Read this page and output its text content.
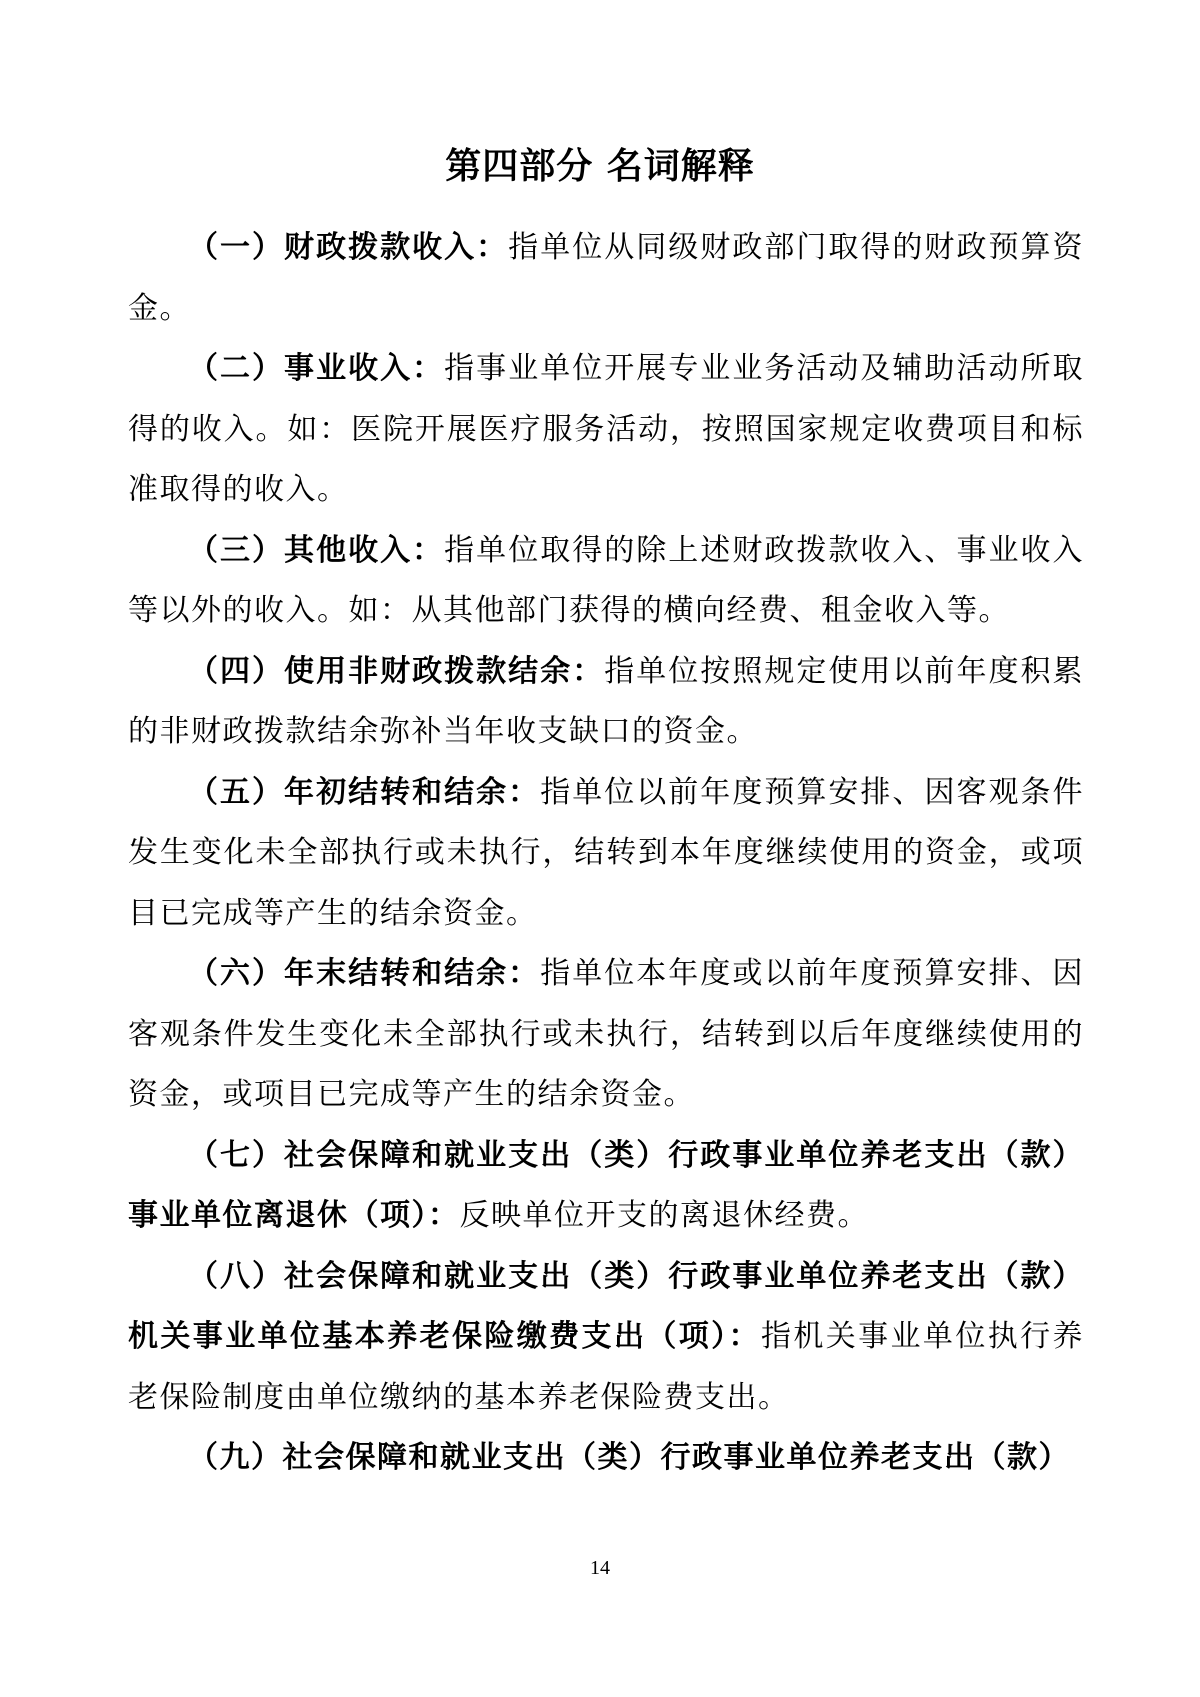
第四部分 名词解释

（一）财政拨款收入：指单位从同级财政部门取得的财政预算资金。

（二）事业收入：指事业单位开展专业业务活动及辅助活动所取得的收入。如：医院开展医疗服务活动，按照国家规定收费项目和标准取得的收入。

（三）其他收入：指单位取得的除上述财政拨款收入、事业收入等以外的收入。如：从其他部门获得的横向经费、租金收入等。

（四）使用非财政拨款结余：指单位按照规定使用以前年度积累的非财政拨款结余弥补当年收支缺口的资金。

（五）年初结转和结余：指单位以前年度预算安排、因客观条件发生变化未全部执行或未执行，结转到本年度继续使用的资金，或项目已完成等产生的结余资金。

（六）年末结转和结余：指单位本年度或以前年度预算安排、因客观条件发生变化未全部执行或未执行，结转到以后年度继续使用的资金，或项目已完成等产生的结余资金。

（七）社会保障和就业支出（类）行政事业单位养老支出（款）事业单位离退休（项）：反映单位开支的离退休经费。

（八）社会保障和就业支出（类）行政事业单位养老支出（款）机关事业单位基本养老保险缴费支出（项）：指机关事业单位执行养老保险制度由单位缴纳的基本养老保险费支出。

（九）社会保障和就业支出（类）行政事业单位养老支出（款）

14
